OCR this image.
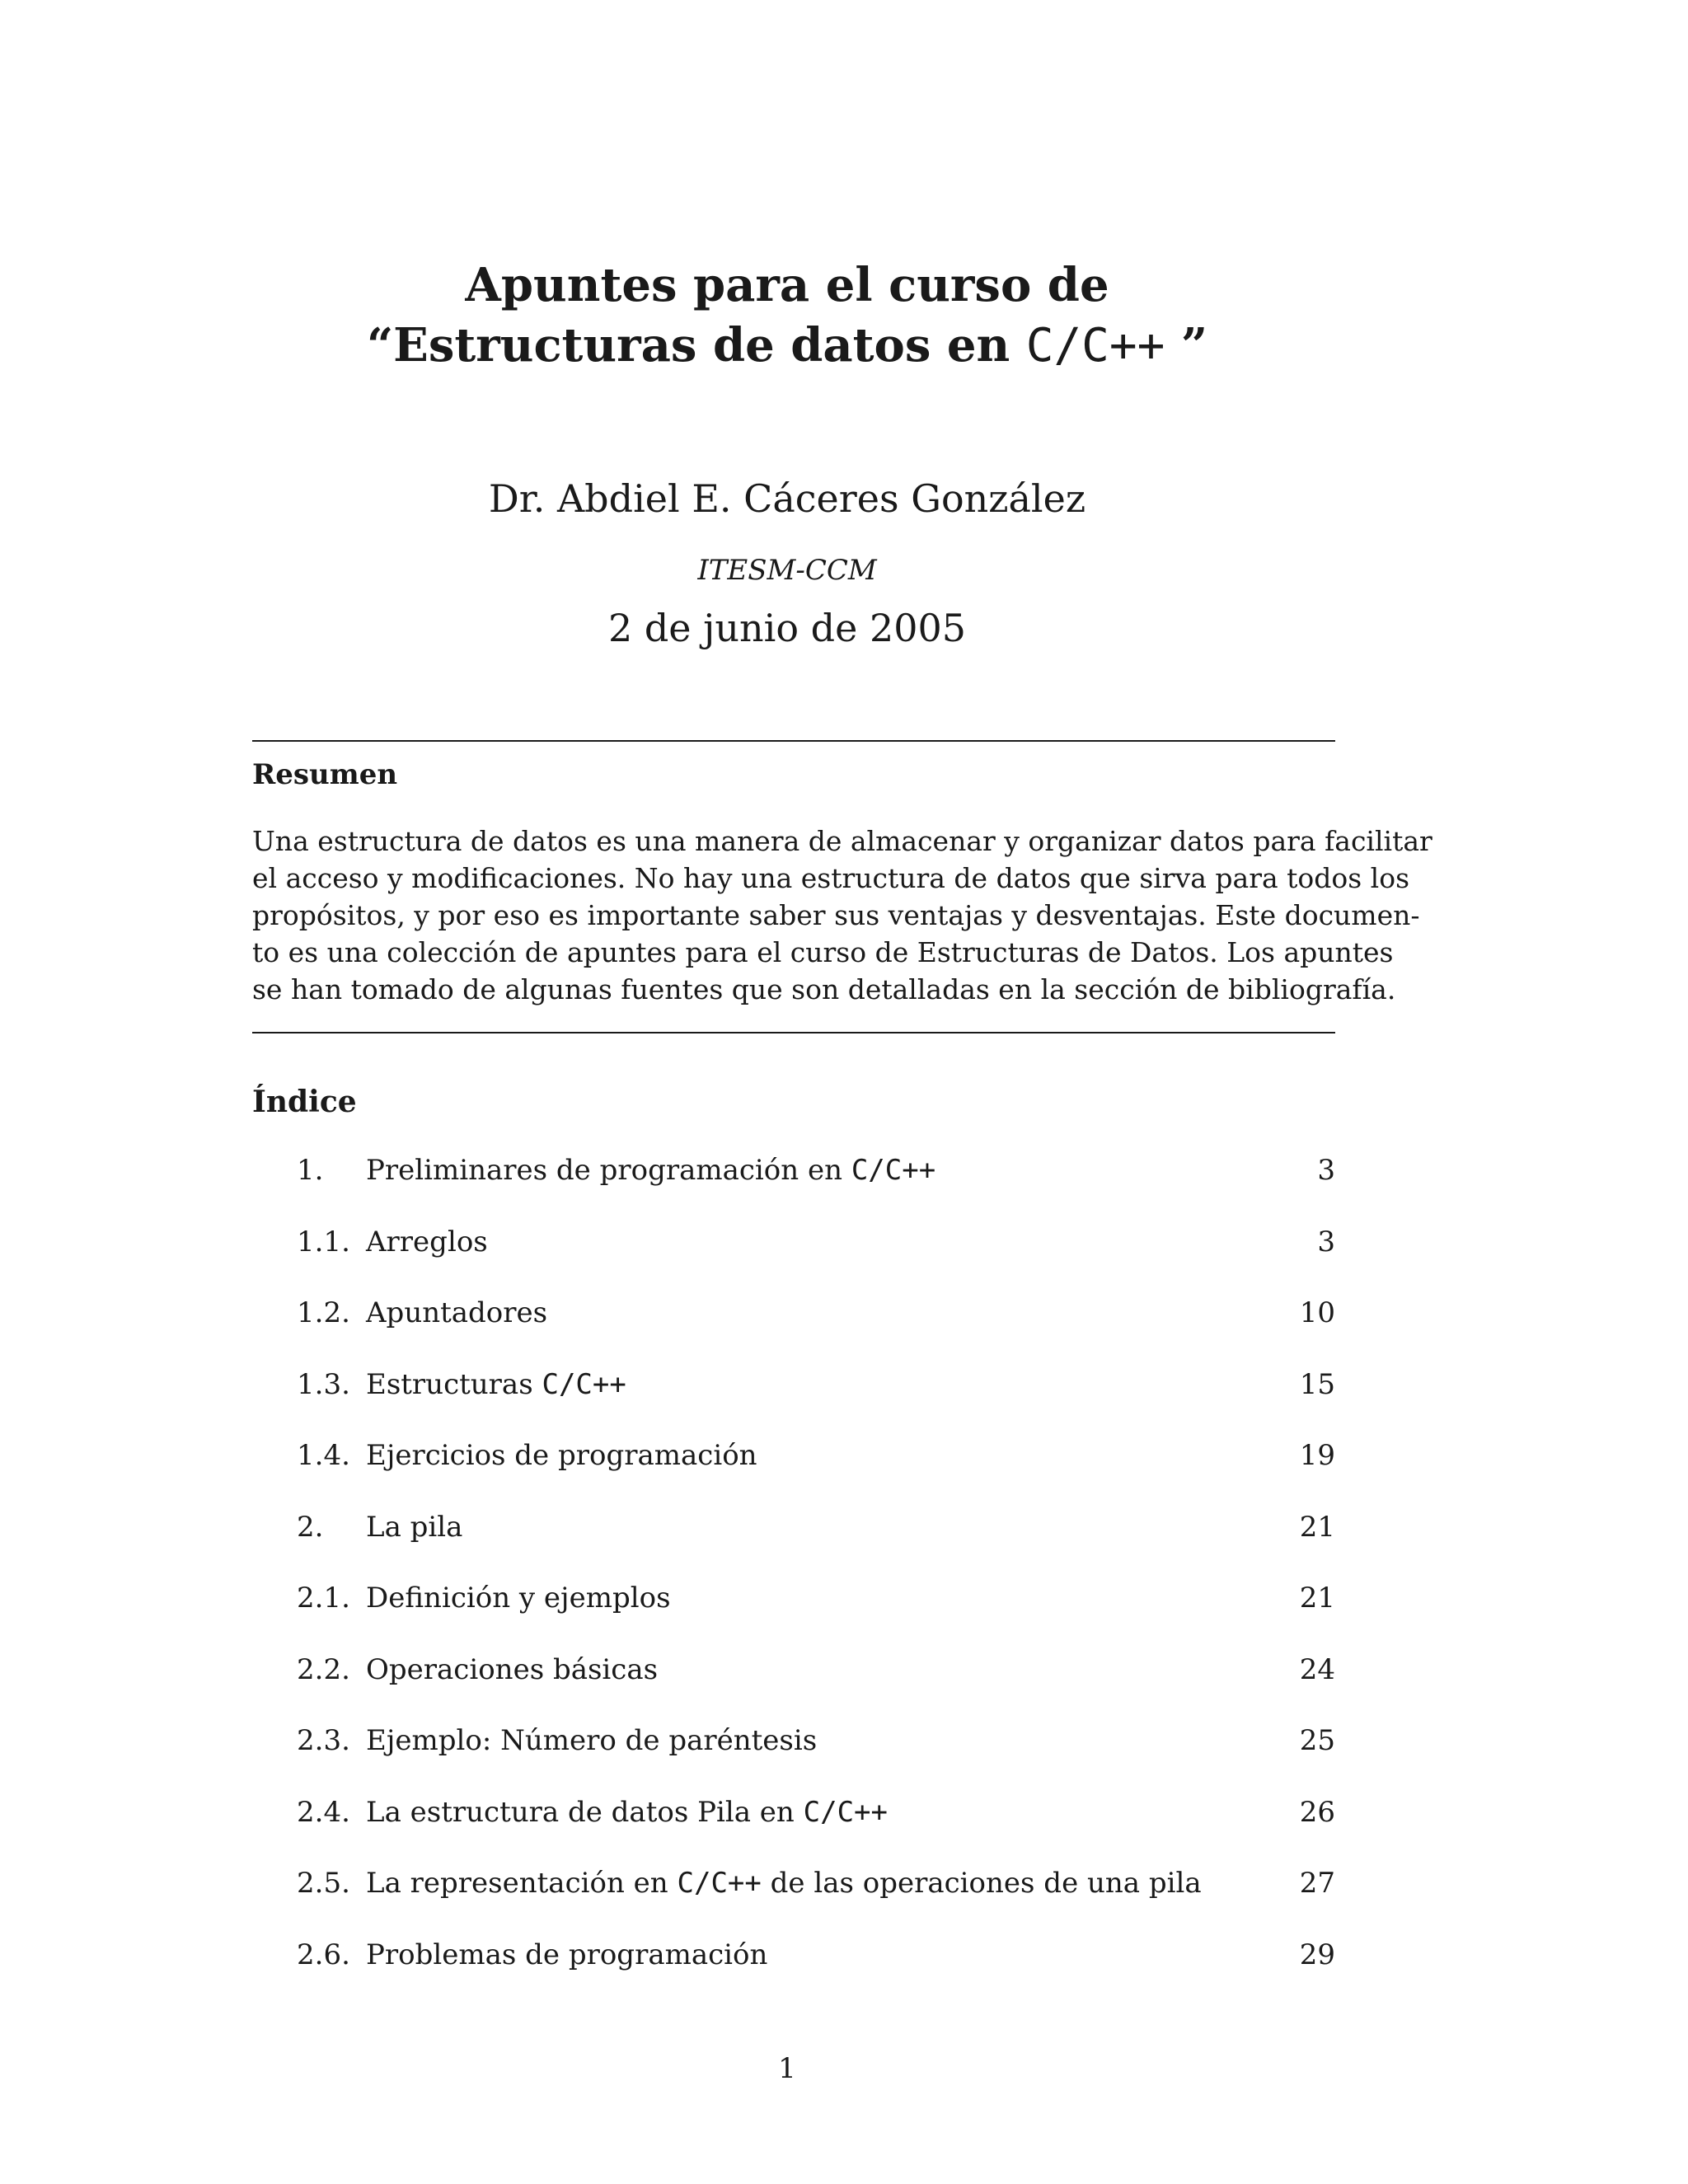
Apuntes para el curso de
“Estructuras de datos en C/C++ ”
Dr. Abdiel E. Cáceres González
ITESM-CCM
2 de junio de 2005
Resumen
Una estructura de datos es una manera de almacenar y organizar datos para facilitar
el acceso y modificaciones. No hay una estructura de datos que sirva para todos los
propósitos, y por eso es importante saber sus ventajas y desventajas. Este documen-
to es una colección de apuntes para el curso de Estructuras de Datos. Los apuntes
se han tomado de algunas fuentes que son detalladas en la sección de bibliografía.
Índice
1. Preliminares de programación en C/C++	3
1.1. Arreglos	3
1.2. Apuntadores	10
1.3. Estructuras C/C++	15
1.4. Ejercicios de programación	19
2. La pila	21
2.1. Definición y ejemplos	21
2.2. Operaciones básicas	24
2.3. Ejemplo: Número de paréntesis	25
2.4. La estructura de datos Pila en C/C++	26
2.5. La representación en C/C++ de las operaciones de una pila	27
2.6. Problemas de programación	29
1
